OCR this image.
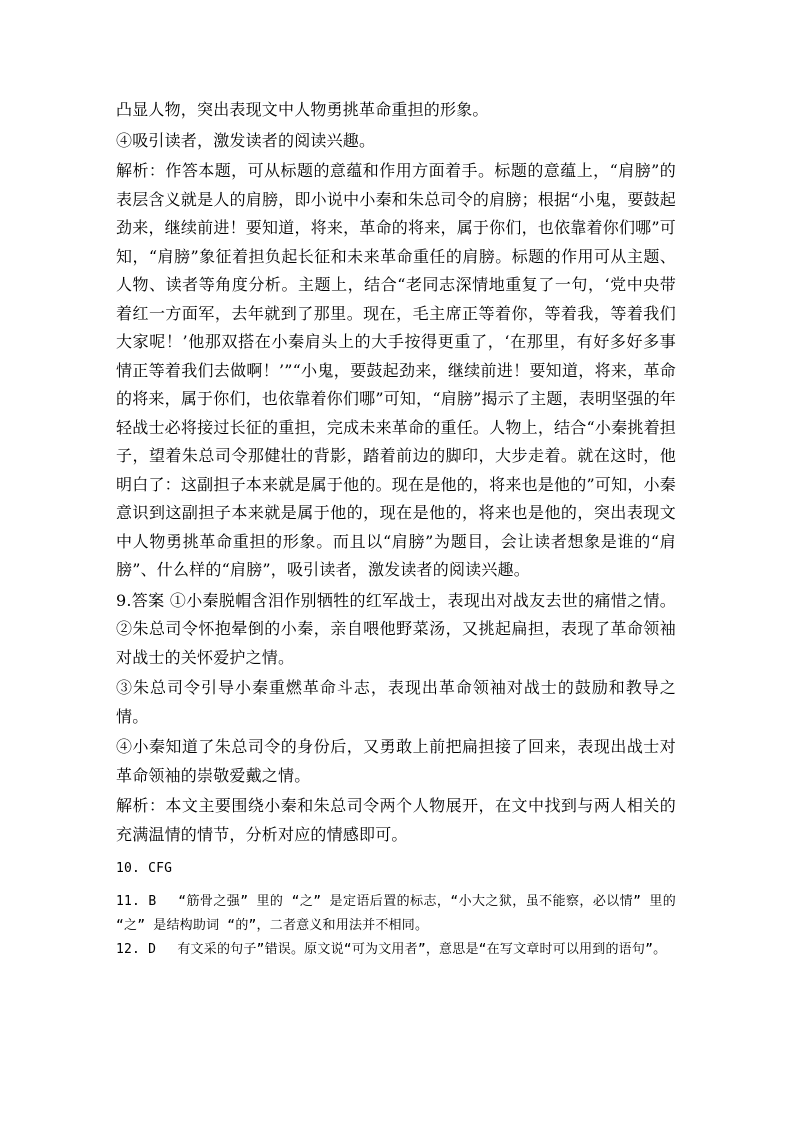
凸显人物，突出表现文中人物勇挑革命重担的形象。

④吸引读者，激发读者的阅读兴趣。

解析：作答本题，可从标题的意蕴和作用方面着手。标题的意蕴上，“肩膀”的表层含义就是人的肩膀，即小说中小秦和朱总司令的肩膀；根据“小鬼，要鼓起劲来，继续前进！要知道，将来，革命的将来，属于你们，也依靠着你们哪”可知，“肩膀”象征着担负起长征和未来革命重任的肩膀。标题的作用可从主题、人物、读者等角度分析。主题上，结合“老同志深情地重复了一句，‘党中央带着红一方面军，去年就到了那里。现在，毛主席正等着你，等着我，等着我们大家呢！’他那双搭在小秦肩头上的大手按得更重了，‘在那里，有好多好多事情正等着我们去做啊！’”“小鬼，要鼓起劲来，继续前进！要知道，将来，革命的将来，属于你们，也依靠着你们哪”可知，“肩膀”揭示了主题，表明坚强的年轻战士必将接过长征的重担，完成未来革命的重任。人物上，结合“小秦挑着担子，望着朱总司令那健壮的背影，踏着前边的脚印，大步走着。就在这时，他明白了：这副担子本来就是属于他的。现在是他的，将来也是他的”可知，小秦意识到这副担子本来就是属于他的，现在是他的，将来也是他的，突出表现文中人物勇挑革命重担的形象。而且以“肩膀”为题目，会让读者想象是谁的“肩膀”、什么样的“肩膀”，吸引读者，激发读者的阅读兴趣。

9.答案 ①小秦脱帽含泪作别牺牲的红军战士，表现出对战友去世的痛惜之情。②朱总司令怀抱晕倒的小秦，亲自喂他野菜汤，又挑起扁担，表现了革命领袖对战士的关怀爱护之情。

③朱总司令引导小秦重燃革命斗志，表现出革命领袖对战士的鼓励和教导之情。

④小秦知道了朱总司令的身份后，又勇敢上前把扁担接了回来，表现出战士对革命领袖的崇敬爱戴之情。

解析：本文主要围绕小秦和朱总司令两个人物展开，在文中找到与两人相关的充满温情的情节，分析对应的情感即可。

10. CFG

11. B　 “筋骨之强” 里的 “之” 是定语后置的标志，“小大之狱，虽不能察，必以情” 里的 “之” 是结构助词 “的”，二者意义和用法并不相同。

12. D　 有文采的句子”错误。原文说“可为文用者”，意思是“在写文章时可以用到的语句”。
